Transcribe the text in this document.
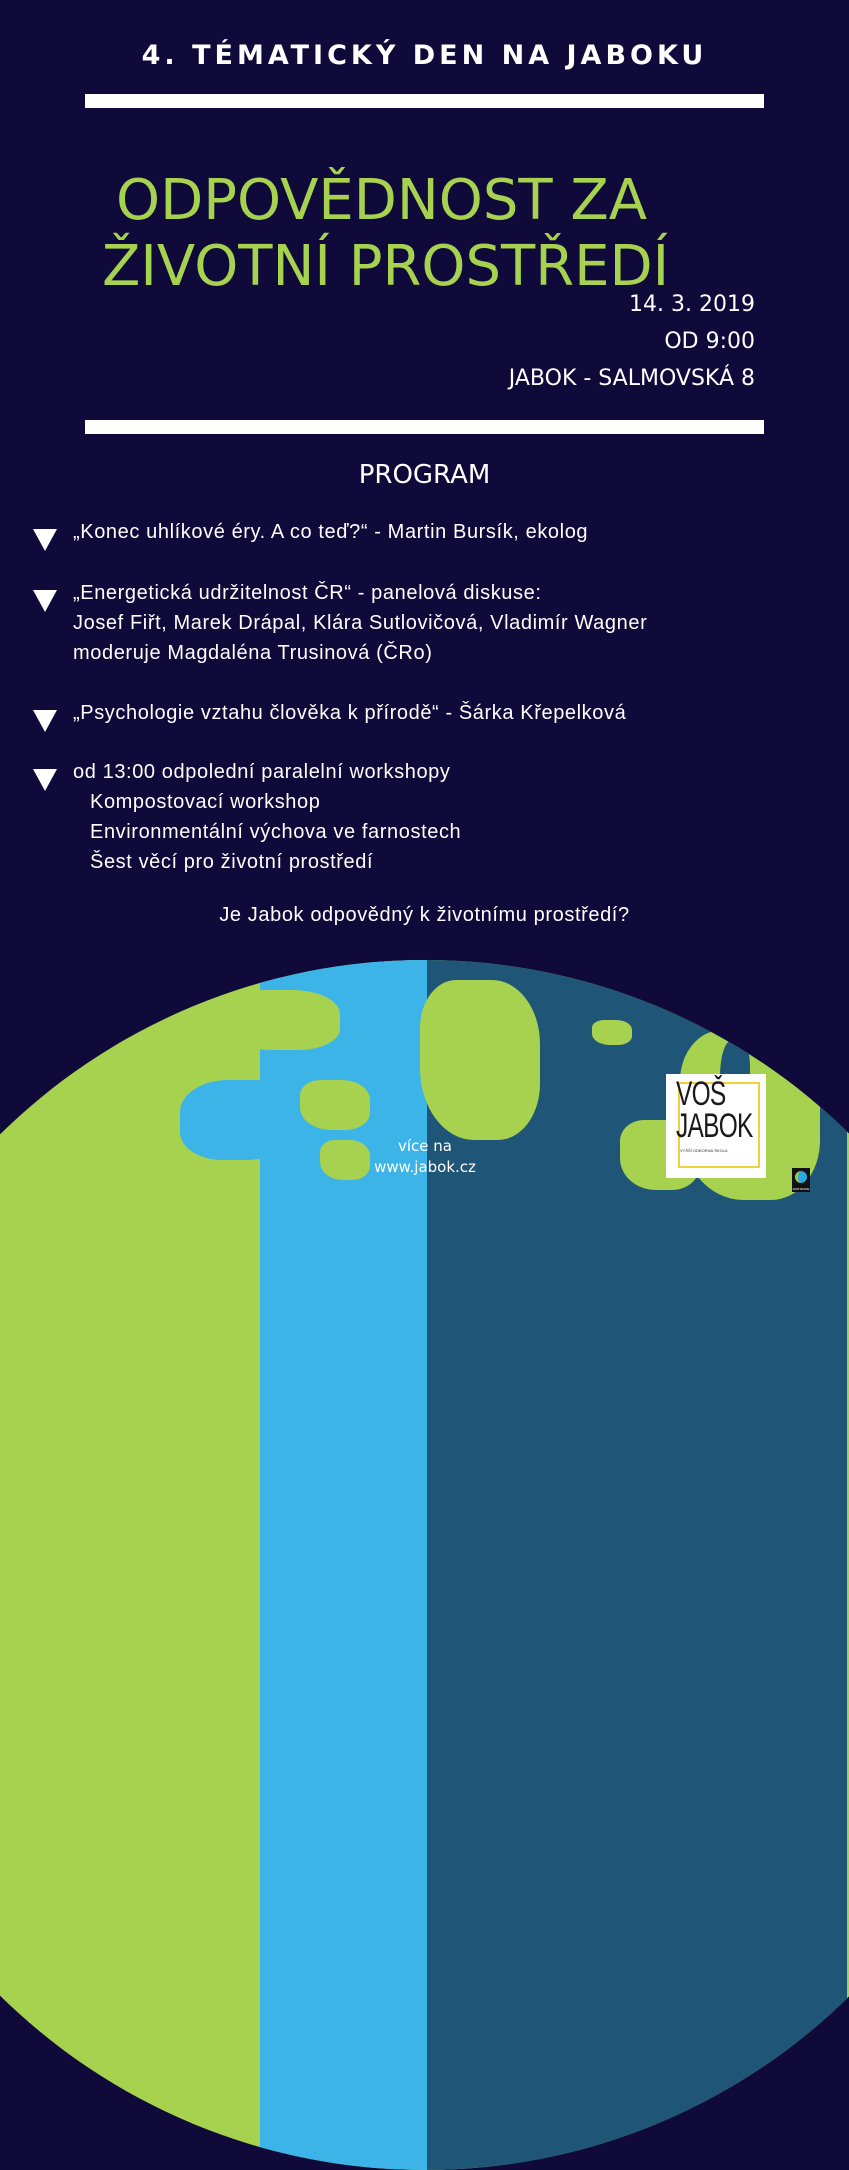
4. TÉMATICKÝ DEN NA JABOKU
ODPOVĚDNOST ZA
ŽIVOTNÍ PROSTŘEDÍ
14. 3. 2019
OD 9:00
JABOK - SALMOVSKÁ 8
PROGRAM
„Konec uhlíkové éry. A co teď?“ - Martin Bursík, ekolog
„Energetická udržitelnost ČR“ - panelová diskuse:
Josef Fiřt, Marek Drápal, Klára Sutlovičová, Vladimír Wagner
moderuje Magdaléna Trusinová (ČRo)
„Psychologie vztahu člověka k přírodě“ - Šárka Křepelková
od 13:00 odpolední paralelní workshopy
Kompostovací workshop
Environmentální výchova ve farnostech
Šest věcí pro životní prostředí
Je Jabok odpovědný k životnímu prostředí?
více na
www.jabok.cz
VOŠ
JABOK
VYŠŠÍ ODBORNÁ ŠKOLA
FAIRTRADE
